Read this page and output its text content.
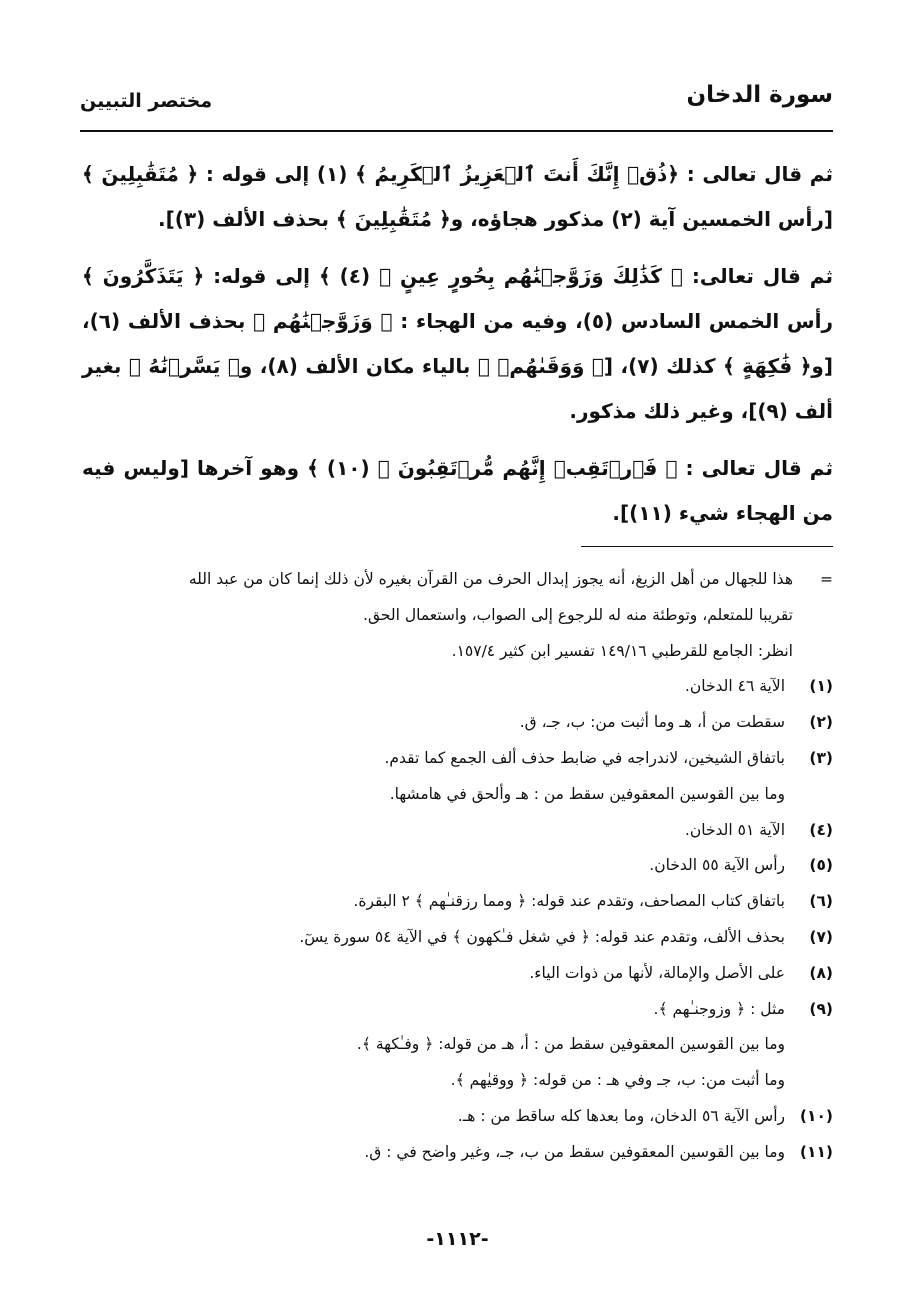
سورة الدخان
مختصر التبيين

ثم قال تعالى : ﴿ذُقۡ إِنَّكَ أَنتَ ٱلۡعَزِيزُ ٱلۡكَرِيمُ ﴾ (١) إلى قوله : ﴿ مُتَقَٰبِلِينَ ﴾ [رأس الخمسين آية (٢) مذكور هجاؤه، و﴿ مُتَقَٰبِلِينَ ﴾ بحذف الألف (٣)].

ثم قال تعالى: ﴿ كَذَٰلِكَ وَزَوَّجۡنَٰهُم بِحُورٍ عِينٍ ﴾ (٤) ﴾ إلى قوله: ﴿ يَتَذَكَّرُونَ ﴾ رأس الخمس السادس (٥)، وفيه من الهجاء : ﴿ وَزَوَّجۡنَٰهُم ﴾ بحذف الألف (٦)، [و﴿ فَٰكِهَةٍ ﴾ كذلك (٧)، [﴿ وَوَقَىٰهُمۡ ﴾ بالياء مكان الألف (٨)، و﴿ يَسَّرۡنَٰهُ ﴾ بغير ألف (٩)]، وغير ذلك مذكور.

ثم قال تعالى : ﴿ فَٱرۡتَقِبۡ إِنَّهُم مُّرۡتَقِبُونَ ﴾ (١٠) ﴾ وهو آخرها [وليس فيه من الهجاء شيء (١١)].

=
هذا للجهال من أهل الزيغ، أنه يجوز إبدال الحرف من القرآن بغيره لأن ذلك إنما كان من عبد الله
تقريبا للمتعلم، وتوطئة منه له للرجوع إلى الصواب، واستعمال الحق.
انظر: الجامع للقرطبي ١٤٩/١٦ تفسير ابن كثير ١٥٧/٤.
(١)
الآية ٤٦ الدخان.
(٢)
سقطت من أ، هـ وما أثبت من: ب، جـ، ق.
(٣)
باتفاق الشيخين، لاندراجه في ضابط حذف ألف الجمع كما تقدم.
وما بين القوسين المعقوفين سقط من : هـ وألحق في هامشها.
(٤)
الآية ٥١ الدخان.
(٥)
رأس الآية ٥٥ الدخان.
(٦)
باتفاق كتاب المصاحف، وتقدم عند قوله: ﴿ ومما رزقنـٰهم ﴾ ٢ البقرة.
(٧)
بحذف الألف، وتقدم عند قوله: ﴿ في شغل فـٰكهون ﴾ في الآية ٥٤ سورة يسٓ.
(٨)
على الأصل والإمالة، لأنها من ذوات الياء.
(٩)
مثل : ﴿ وزوجنـٰهم ﴾.
وما بين القوسين المعقوفين سقط من : أ، هـ من قوله: ﴿ وفـٰكهة ﴾.
وما أثبت من: ب، جـ وفي هـ : من قوله: ﴿ ووقيٰهم ﴾.
(١٠)
رأس الآية ٥٦ الدخان، وما بعدها كله ساقط من : هـ.
(١١)
وما بين القوسين المعقوفين سقط من ب، جـ، وغير واضح في : ق.
-١١١٢-
